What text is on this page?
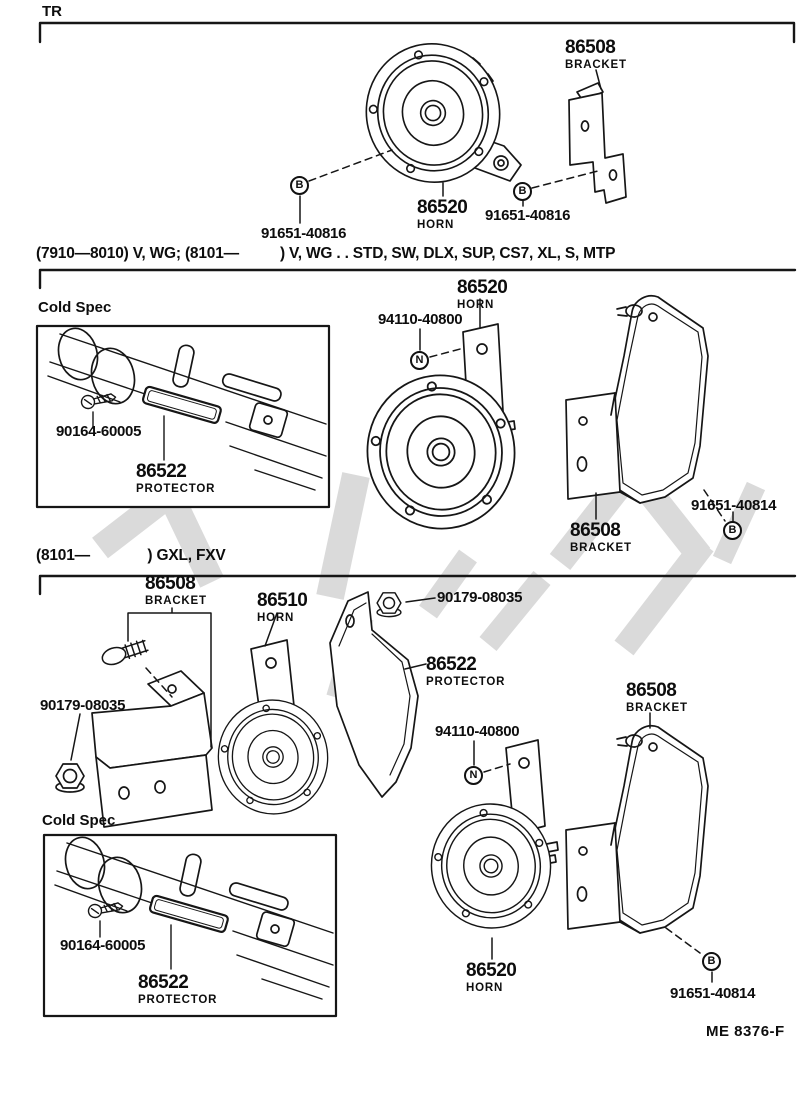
TR
86508
BRACKET
86520
HORN
91651-40816
91651-40816
B	B
(7910—8010) V, WG; (8101—          ) V, WG . . STD, SW, DLX, SUP, CS7, XL, S, MTP
Cold Spec
90164-60005
86522
PROTECTOR
86520
HORN
94110-40800
N
86508
BRACKET
91651-40814
B
(8101—              ) GXL, FXV
86508
BRACKET	86510
HORN
90179-08035
86522
PROTECTOR
90179-08035
94110-40800
N
86508
BRACKET
86520
HORN
B
91651-40814
Cold Spec
90164-60005
86522
PROTECTOR
ME 8376-F
